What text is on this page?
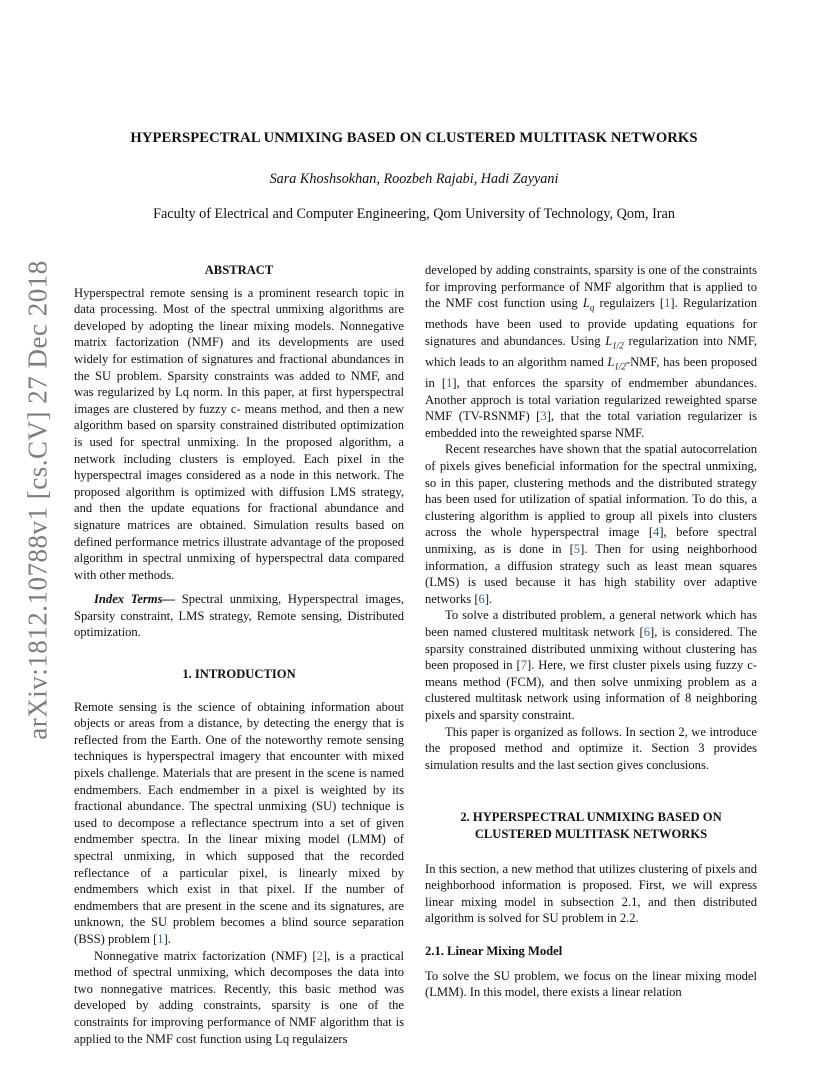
arXiv:1812.10788v1 [cs.CV] 27 Dec 2018
HYPERSPECTRAL UNMIXING BASED ON CLUSTERED MULTITASK NETWORKS
Sara Khoshsokhan, Roozbeh Rajabi, Hadi Zayyani
Faculty of Electrical and Computer Engineering, Qom University of Technology, Qom, Iran
ABSTRACT

Hyperspectral remote sensing is a prominent research topic in data processing. Most of the spectral unmixing algorithms are developed by adopting the linear mixing models. Nonnegative matrix factorization (NMF) and its developments are used widely for estimation of signatures and fractional abundances in the SU problem. Sparsity constraints was added to NMF, and was regularized by Lq norm. In this paper, at first hyperspectral images are clustered by fuzzy c- means method, and then a new algorithm based on sparsity constrained distributed optimization is used for spectral unmixing. In the proposed algorithm, a network including clusters is employed. Each pixel in the hyperspectral images considered as a node in this network. The proposed algorithm is optimized with diffusion LMS strategy, and then the update equations for fractional abundance and signature matrices are obtained. Simulation results based on defined performance metrics illustrate advantage of the proposed algorithm in spectral unmixing of hyperspectral data compared with other methods.

Index Terms— Spectral unmixing, Hyperspectral images, Sparsity constraint, LMS strategy, Remote sensing, Distributed optimization.

1. INTRODUCTION

Remote sensing is the science of obtaining information about objects or areas from a distance, by detecting the energy that is reflected from the Earth. One of the noteworthy remote sensing techniques is hyperspectral imagery that encounter with mixed pixels challenge. Materials that are present in the scene is named endmembers. Each endmember in a pixel is weighted by its fractional abundance. The spectral unmixing (SU) technique is used to decompose a reflectance spectrum into a set of given endmember spectra. In the linear mixing model (LMM) of spectral unmixing, in which supposed that the recorded reflectance of a particular pixel, is linearly mixed by endmembers which exist in that pixel. If the number of endmembers that are present in the scene and its signatures, are unknown, the SU problem becomes a blind source separation (BSS) problem [ 1 ] .

Nonnegative matrix factorization (NMF) [ 2 ] , is a practical method of spectral unmixing, which decomposes the data into two nonnegative matrices. Recently, this basic method was developed by adding constraints, sparsity is one of the constraints for improving performance of NMF algorithm that is applied to the NMF cost function using Lq regulaizers

developed by adding constraints, sparsity is one of the constraints for improving performance of NMF algorithm that is applied to the NMF cost function using $L_q$ regulaizers [ 1 ] . Regularization methods have been used to provide updating equations for signatures and abundances. Using $L_{1/2}$ regularization into NMF, which leads to an algorithm named $L_{1/2}$-NMF, has been proposed in [ 1 ] , that enforces the sparsity of endmember abundances. Another approch is total variation regularized reweighted sparse NMF (TV-RSNMF) [ 3 ] , that the total variation regularizer is embedded into the reweighted sparse NMF.

Recent researches have shown that the spatial autocorrelation of pixels gives beneficial information for the spectral unmixing, so in this paper, clustering methods and the distributed strategy has been used for utilization of spatial information. To do this, a clustering algorithm is applied to group all pixels into clusters across the whole hyperspectral image [ 4 ] , before spectral unmixing, as is done in [ 5 ] . Then for using neighborhood information, a diffusion strategy such as least mean squares (LMS) is used because it has high stability over adaptive networks [ 6 ] .

To solve a distributed problem, a general network which has been named clustered multitask network [ 6 ] , is considered. The sparsity constrained distributed unmixing without clustering has been proposed in [ 7 ] . Here, we first cluster pixels using fuzzy c- means method (FCM), and then solve unmixing problem as a clustered multitask network using information of 8 neighboring pixels and sparsity constraint.

This paper is organized as follows. In section 2, we introduce the proposed method and optimize it. Section 3 provides simulation results and the last section gives conclusions.

2. HYPERSPECTRAL UNMIXING BASED ON
CLUSTERED MULTITASK NETWORKS

In this section, a new method that utilizes clustering of pixels and neighborhood information is proposed. First, we will express linear mixing model in subsection 2.1, and then distributed algorithm is solved for SU problem in 2.2.

2.1. Linear Mixing Model

To solve the SU problem, we focus on the linear mixing model (LMM). In this model, there exists a linear relation
